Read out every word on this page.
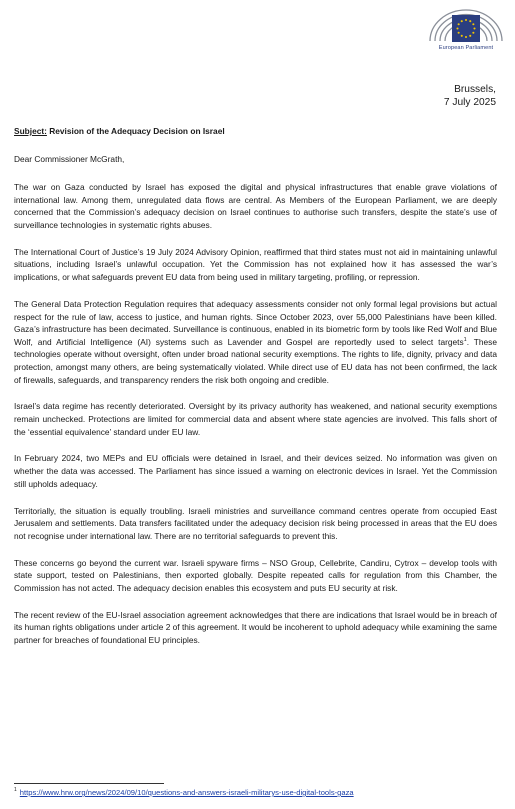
European Parliament
Brussels,
7 July 2025

Subject: Revision of the Adequacy Decision on Israel

Dear Commissioner McGrath,

The war on Gaza conducted by Israel has exposed the digital and physical infrastructures that enable grave violations of international law. Among them, unregulated data flows are central. As Members of the European Parliament, we are deeply concerned that the Commission’s adequacy decision on Israel continues to authorise such transfers, despite the state’s use of surveillance technologies in systematic rights abuses.

The International Court of Justice’s 19 July 2024 Advisory Opinion, reaffirmed that third states must not aid in maintaining unlawful situations, including Israel’s unlawful occupation. Yet the Commission has not explained how it has assessed the war’s implications, or what safeguards prevent EU data from being used in military targeting, profiling, or repression.

The General Data Protection Regulation requires that adequacy assessments consider not only formal legal provisions but actual respect for the rule of law, access to justice, and human rights. Since October 2023, over 55,000 Palestinians have been killed. Gaza’s infrastructure has been decimated. Surveillance is continuous, enabled in its biometric form by tools like Red Wolf and Blue Wolf, and Artificial Intelligence (AI) systems such as Lavender and Gospel are reportedly used to select targets$^1$. These technologies operate without oversight, often under broad national security exemptions. The rights to life, dignity, privacy and data protection, amongst many others, are being systematically violated. While direct use of EU data has not been confirmed, the lack of firewalls, safeguards, and transparency renders the risk both ongoing and credible.

Israel’s data regime has recently deteriorated. Oversight by its privacy authority has weakened, and national security exemptions remain unchecked. Protections are limited for commercial data and absent where state agencies are involved. This falls short of the ‘essential equivalence’ standard under EU law.

In February 2024, two MEPs and EU officials were detained in Israel, and their devices seized. No information was given on whether the data was accessed. The Parliament has since issued a warning on electronic devices in Israel. Yet the Commission still upholds adequacy.

Territorially, the situation is equally troubling. Israeli ministries and surveillance command centres operate from occupied East Jerusalem and settlements. Data transfers facilitated under the adequacy decision risk being processed in areas that the EU does not recognise under international law. There are no territorial safeguards to prevent this.

These concerns go beyond the current war. Israeli spyware firms – NSO Group, Cellebrite, Candiru, Cytrox – develop tools with state support, tested on Palestinians, then exported globally. Despite repeated calls for regulation from this Chamber, the Commission has not acted. The adequacy decision enables this ecosystem and puts EU security at risk.

The recent review of the EU-Israel association agreement acknowledges that there are indications that Israel would be in breach of its human rights obligations under article 2 of this agreement. It would be incoherent to uphold adequacy while examining the same partner for breaches of foundational EU principles.

$^1$ https://www.hrw.org/news/2024/09/10/questions-and-answers-israeli-militarys-use-digital-tools-gaza
